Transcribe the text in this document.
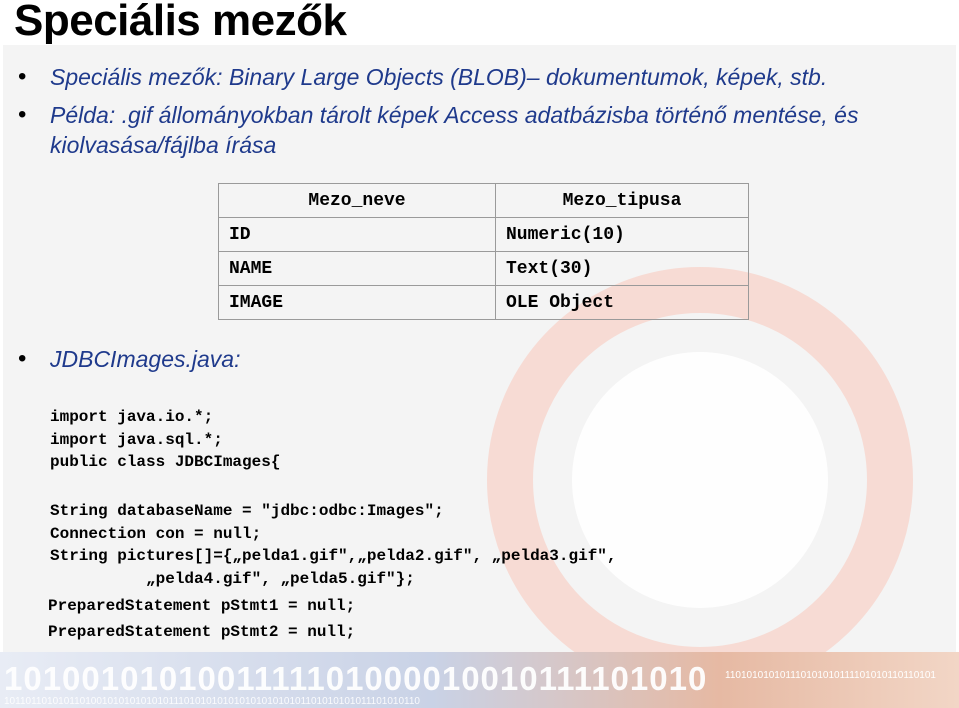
1010010101001111101000010010111101010 110101010101110101010111101010110110101
1011011010101101001010101010101110101010101010101010101101010101011101010110
Speciális mezők
• Speciális mezők: Binary Large Objects (BLOB)– dokumentumok, képek, stb.
• Példa: .gif állományokban tárolt képek Access adatbázisba történő mentése, és kiolvasása/fájlba írása
Mezo_neve	Mezo_tipusa
ID	Numeric(10)
NAME	Text(30)
IMAGE	OLE Object
• JDBCImages.java:
import java.io.*;
import java.sql.*;
public class JDBCImages{
String databaseName = "jdbc:odbc:Images";
Connection con = null;
String pictures[]={„pelda1.gif",„pelda2.gif", „pelda3.gif",
„pelda4.gif", „pelda5.gif"};
PreparedStatement pStmt1 = null;
PreparedStatement pStmt2 = null;
